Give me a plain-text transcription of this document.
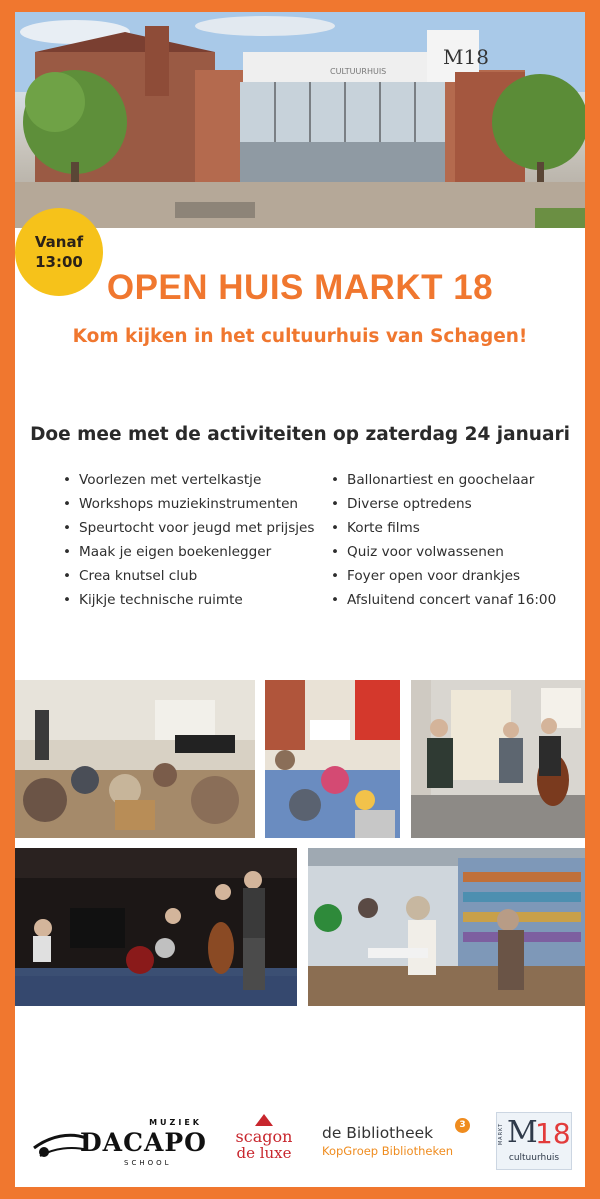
M18
CULTUURHUIS
Vanaf
13:00
OPEN HUIS MARKT 18
Kom kijken in het cultuurhuis van Schagen!
Doe mee met de activiteiten op zaterdag 24 januari
• Voorlezen met vertelkastje
• Workshops muziekinstrumenten
• Speurtocht voor jeugd met prijsjes
• Maak je eigen boekenlegger
• Crea knutsel club
• Kijkje technische ruimte
• Ballonartiest en goochelaar
• Diverse optredens
• Korte films
• Quiz voor volwassenen
• Foyer open voor drankjes
• Afsluitend concert vanaf 16:00
MUZIEK
DACAPO
SCHOOL
scagon
de luxe
3
de Bibliotheek
KopGroep Bibliotheken
MARKT M
18
cultuurhuis
